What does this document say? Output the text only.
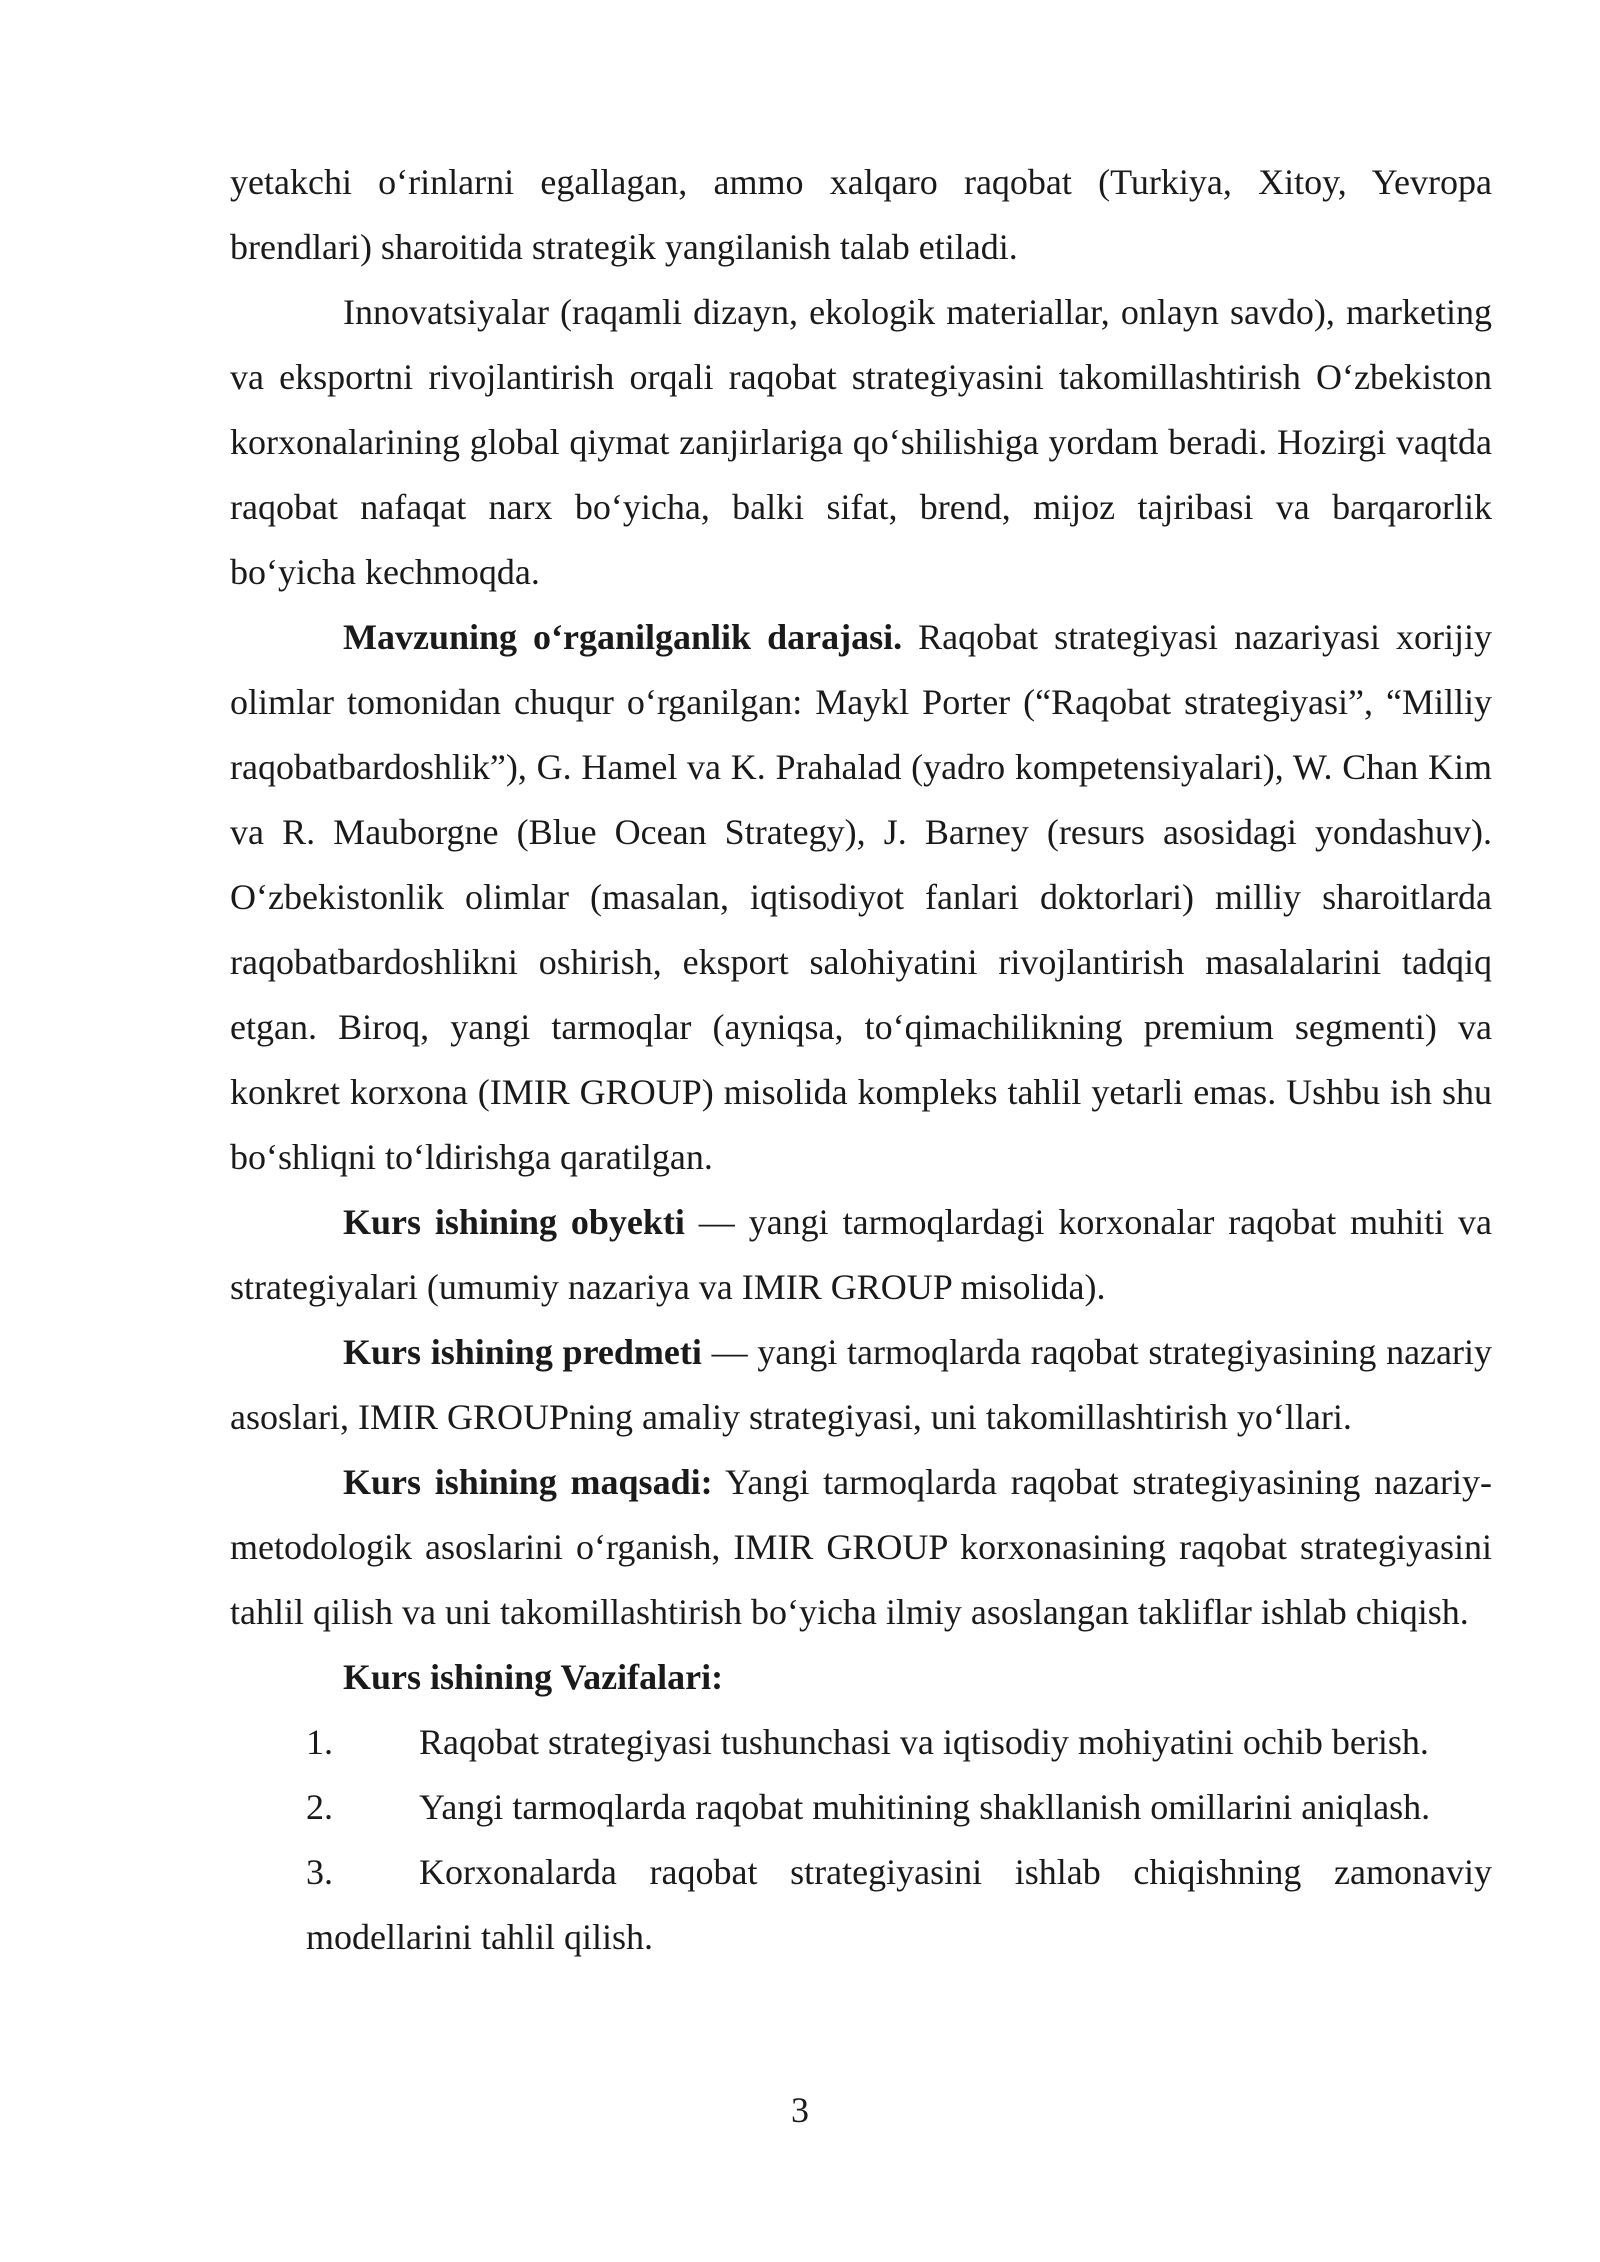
yetakchi o‘rinlarni egallagan, ammo xalqaro raqobat (Turkiya, Xitoy, Yevropa brendlari) sharoitida strategik yangilanish talab etiladi.

Innovatsiyalar (raqamli dizayn, ekologik materiallar, onlayn savdo), marketing va eksportni rivojlantirish orqali raqobat strategiyasini takomillashtirish O‘zbekiston korxonalarining global qiymat zanjirlariga qo‘shilishiga yordam beradi. Hozirgi vaqtda raqobat nafaqat narx bo‘yicha, balki sifat, brend, mijoz tajribasi va barqarorlik bo‘yicha kechmoqda.

Mavzuning o‘rganilganlik darajasi. Raqobat strategiyasi nazariyasi xorijiy olimlar tomonidan chuqur o‘rganilgan: Maykl Porter (“Raqobat strategiyasi”, “Milliy raqobatbardoshlik”), G. Hamel va K. Prahalad (yadro kompetensiyalari), W. Chan Kim va R. Mauborgne (Blue Ocean Strategy), J. Barney (resurs asosidagi yondashuv). O‘zbekistonlik olimlar (masalan, iqtisodiyot fanlari doktorlari) milliy sharoitlarda raqobatbardoshlikni oshirish, eksport salohiyatini rivojlantirish masalalarini tadqiq etgan. Biroq, yangi tarmoqlar (ayniqsa, to‘qimachilikning premium segmenti) va konkret korxona (IMIR GROUP) misolida kompleks tahlil yetarli emas. Ushbu ish shu bo‘shliqni to‘ldirishga qaratilgan.

Kurs ishining obyekti — yangi tarmoqlardagi korxonalar raqobat muhiti va strategiyalari (umumiy nazariya va IMIR GROUP misolida).

Kurs ishining predmeti — yangi tarmoqlarda raqobat strategiyasining nazariy asoslari, IMIR GROUPning amaliy strategiyasi, uni takomillashtirish yo‘llari.

Kurs ishining maqsadi: Yangi tarmoqlarda raqobat strategiyasining nazariy-metodologik asoslarini o‘rganish, IMIR GROUP korxonasining raqobat strategiyasini tahlil qilish va uni takomillashtirish bo‘yicha ilmiy asoslangan takliflar ishlab chiqish.

Kurs ishining Vazifalari:

1. Raqobat strategiyasi tushunchasi va iqtisodiy mohiyatini ochib berish.

2. Yangi tarmoqlarda raqobat muhitining shakllanish omillarini aniqlash.

3. Korxonalarda raqobat strategiyasini ishlab chiqishning zamonaviy modellarini tahlil qilish.

3
